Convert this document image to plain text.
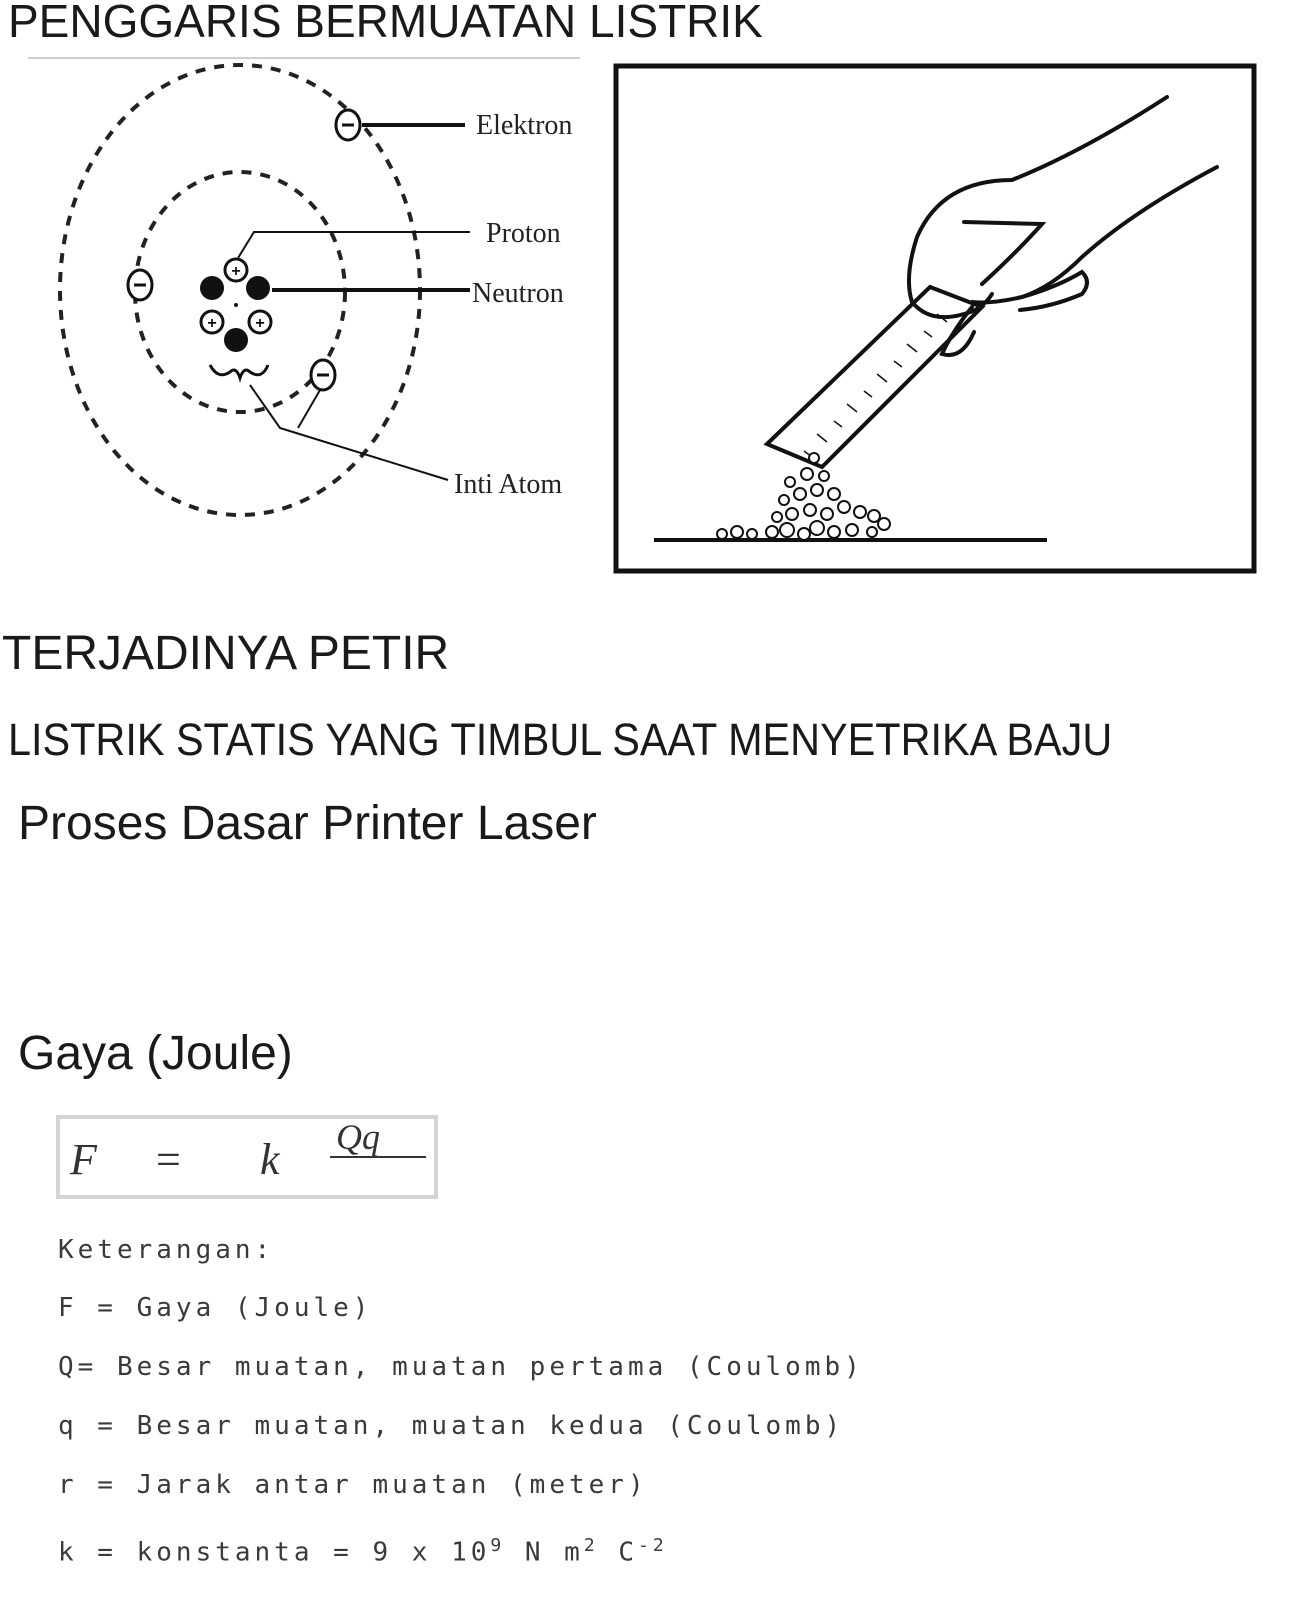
PENGGARIS BERMUATAN LISTRIK
+
+ +
Elektron
Proton
Neutron
Inti Atom
TERJADINYA PETIR
LISTRIK STATIS YANG TIMBUL SAAT MENYETRIKA BAJU
Proses Dasar Printer Laser
Gaya (Joule)
F = k Qq
Keterangan:
F = Gaya (Joule)
Q= Besar muatan, muatan pertama (Coulomb)
q = Besar muatan, muatan kedua (Coulomb)
r = Jarak antar muatan (meter)
k = konstanta = 9 x $10^9$ N $m^2$ $C^{-2}$
